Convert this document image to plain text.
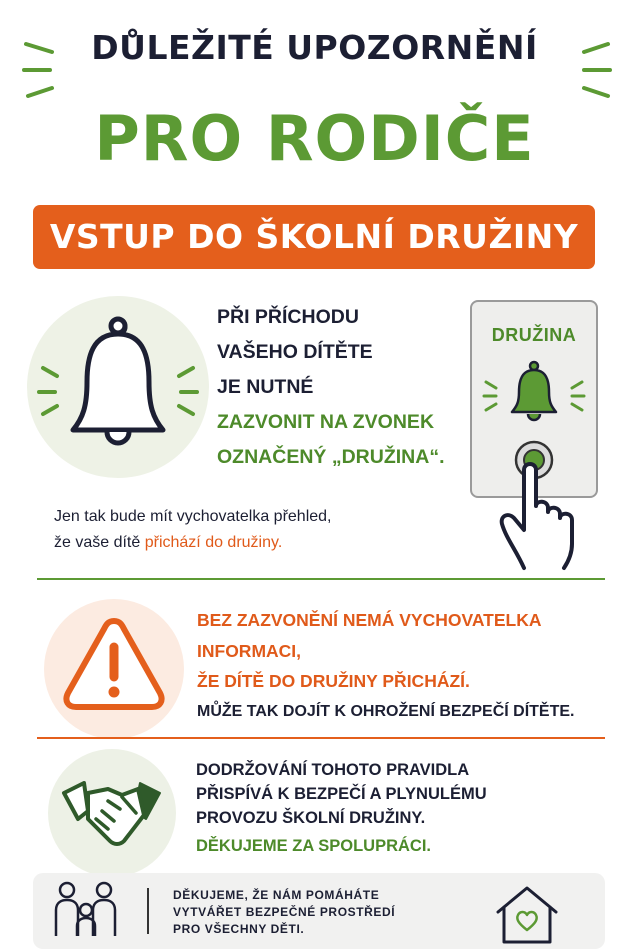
DŮLEŽITÉ UPOZORNĚNÍ
PRO RODIČE
VSTUP DO ŠKOLNÍ DRUŽINY
PŘI PŘÍCHODU
VAŠEHO DÍTĚTE
JE NUTNÉ
ZAZVONIT NA ZVONEK
OZNAČENÝ „DRUŽINA“.
DRUŽINA
Jen tak bude mít vychovatelka přehled,
že vaše dítě přichází do družiny.
BEZ ZAZVONĚNÍ NEMÁ VYCHOVATELKA
INFORMACI,
ŽE DÍTĚ DO DRUŽINY PŘICHÁZÍ.
MŮŽE TAK DOJÍT K OHROŽENÍ BEZPEČÍ DÍTĚTE.
DODRŽOVÁNÍ TOHOTO PRAVIDLA
PŘISPÍVÁ K BEZPEČÍ A PLYNULÉMU
PROVOZU ŠKOLNÍ DRUŽINY.
DĚKUJEME ZA SPOLUPRÁCI.
DĚKUJEME, ŽE NÁM POMÁHÁTE
VYTVÁŘET BEZPEČNÉ PROSTŘEDÍ
PRO VŠECHNY DĚTI.
